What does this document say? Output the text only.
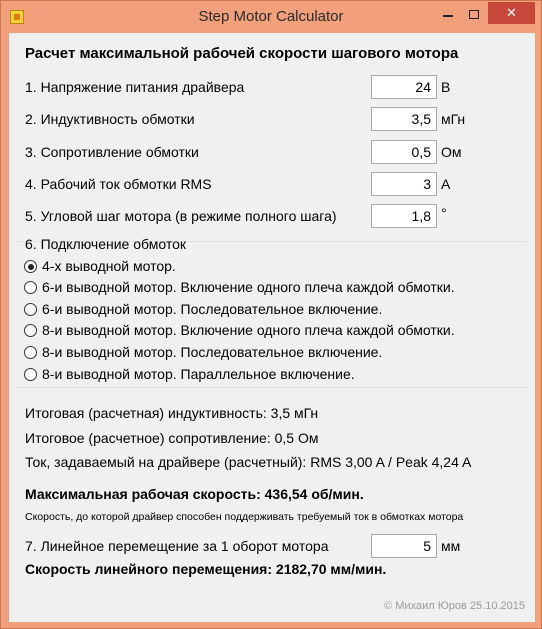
Step Motor Calculator	✕
Расчет максимальной рабочей скорости шагового мотора
1. Напряжение питания драйвера	24 В
2. Индуктивность обмотки	3,5 мГн
3. Сопротивление обмотки	0,5 Ом
4. Рабочий ток обмотки RMS	3 А
5. Угловой шаг мотора (в режиме полного шага)	1,8 °
6. Подключение обмоток
4-х выводной мотор.
6-и выводной мотор. Включение одного плеча каждой обмотки.
6-и выводной мотор. Последовательное включение.
8-и выводной мотор. Включение одного плеча каждой обмотки.
8-и выводной мотор. Последовательное включение.
8-и выводной мотор. Параллельное включение.
Итоговая (расчетная) индуктивность: 3,5 мГн
Итоговое (расчетное) сопротивление: 0,5 Ом
Ток, задаваемый на драйвере (расчетный): RMS 3,00 A / Peak 4,24 A
Максимальная рабочая скорость: 436,54 об/мин.
Скорость, до которой драйвер способен поддерживать требуемый ток в обмотках мотора
7. Линейное перемещение за 1 оборот мотора	5 мм
Скорость линейного перемещения: 2182,70 мм/мин.
© Михаил Юров 25.10.2015
